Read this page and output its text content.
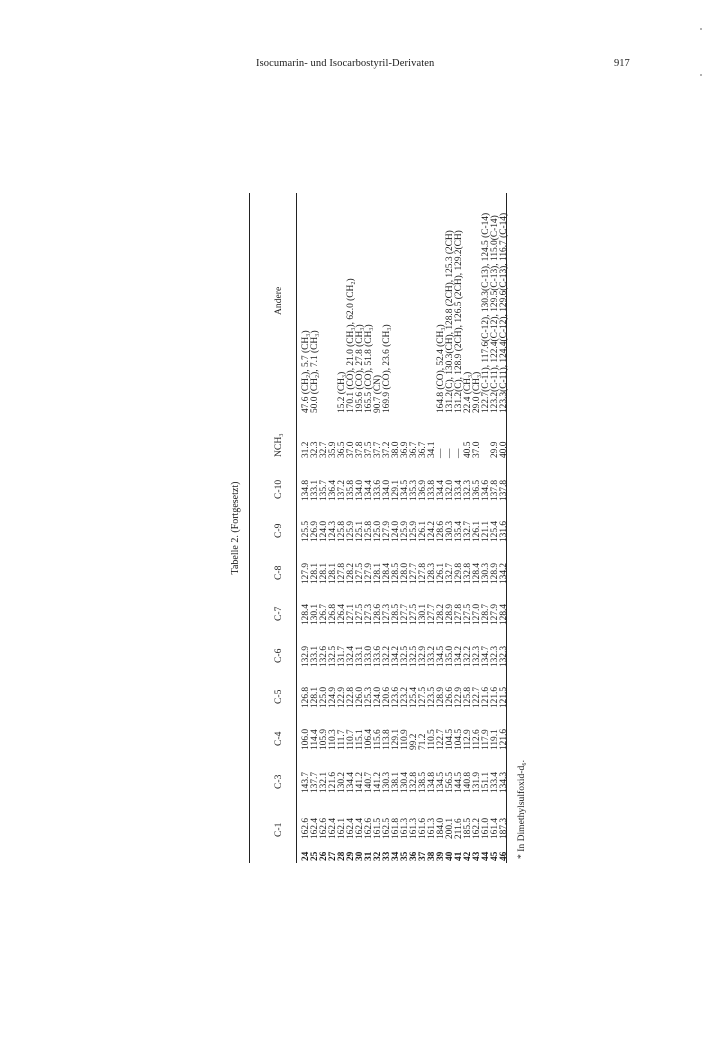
Isocumarin- und Isocarbostyril-Derivaten	917
Tabelle 2. (Fortgesetzt)
C-1
C-3
C-4
C-5
C-6
C-7
C-8
C-9
C-10
NCH₃
Andere
24
162.6
143.7
106.0
126.8
132.9
128.4
127.9
125.5
134.8
31.2
47.6 (CH₂), 5.7 (CH₃)
25
162.4
137.7
114.4
128.1
133.1
130.1
128.1
126.9
133.1
32.3
50.0 (CH₂), 7.1 (CH₃)
26
162.6
132.1
105.9
125.0
132.6
126.7
128.1
124.0
135.7
32.7
27
162.4
121.6
110.3
124.9
132.5
126.8
128.1
124.3
136.4
35.9
28
162.1
130.2
111.7
122.9
131.7
126.4
127.8
125.8
137.2
36.5
15.2 (CH₃)
29
162.4
134.4
110.7
122.8
132.4
127.1
128.2
125.9
135.8
37.0
170.1 (CO), 21.0 (CH₃), 62.0 (CH₂)
30
162.4
141.2
115.1
126.0
133.1
127.5
127.5
125.1
134.0
37.8
195.6 (CO), 27.8 (CH₃)
31
162.6
140.7
106.4
125.3
133.0
127.3
127.9
125.8
134.4
37.5
165.5 (CO), 51.8 (CH₃)
32
161.5
141.2
115.6
124.0
133.6
128.6
128.1
125.0
133.6
37.7
90.7 (CN)
33
162.5
130.3
113.8
120.6
132.2
127.3
128.4
127.9
134.0
37.2
169.9 (CO), 23.6 (CH₃)
34
161.8
138.1
129.1
123.6
134.2
128.5
128.5
124.0
129.1
38.0
35
161.3
130.4
110.9
123.2
132.5
127.7
128.0
125.9
134.5
36.9
36
161.3
132.8
99.2
125.4
132.5
127.5
127.7
125.9
135.3
36.7
37
161.6
138.5
71.2
127.5
132.9
130.1
127.8
126.1
136.9
36.7
38
161.3
134.8
110.5
123.5
133.2
127.7
128.3
124.2
133.8
34.1
39
184.0
134.5
122.7
128.9
134.5
128.2
126.1
128.6
134.4
—
164.8 (CO), 52.4 (CH₃)
40
200.1
156.5
104.5
126.6
135.0
128.9
132.7
130.3
132.0
—
131.2(C), 130.3(CH), 128.8 (2CH), 125.3 (2CH)
41
211.6
144.5
104.5
122.9
134.2
127.8
129.8
135.4
133.4
—
131.2(C), 128.9 (2CH), 126.5 (2CH), 129.2(CH)
42
185.5
140.8
112.9
125.8
132.2
127.5
132.8
132.7
132.3
40.5
22.4 (CH₃)
43
162.2
131.9
112.6
122.7
132.3
127.0
128.4
126.1
136.5
37.0
29.0 (CH₃)
44
161.0
151.1
117.9
121.6
134.7
128.7
130.3
121.1
134.6
122.7(C-11), 117.6(C-12), 130.3(C-13), 124.5 (C-14)
45
161.4
133.4
119.1
121.6
132.3
127.9
128.9
125.4
137.8
29.9
123.2(C-11), 122.4(C-12), 129.5(C-13), 115.0(C-14)
46
187.3
134.3
121.6
121.5
132.3
128.4
134.2
131.6
137.8
40.0
123.3(C-11), 124.4(C-12), 129.6(C-13), 116.7 (C-14)
* In Dimethylsulfoxid-d₆.
